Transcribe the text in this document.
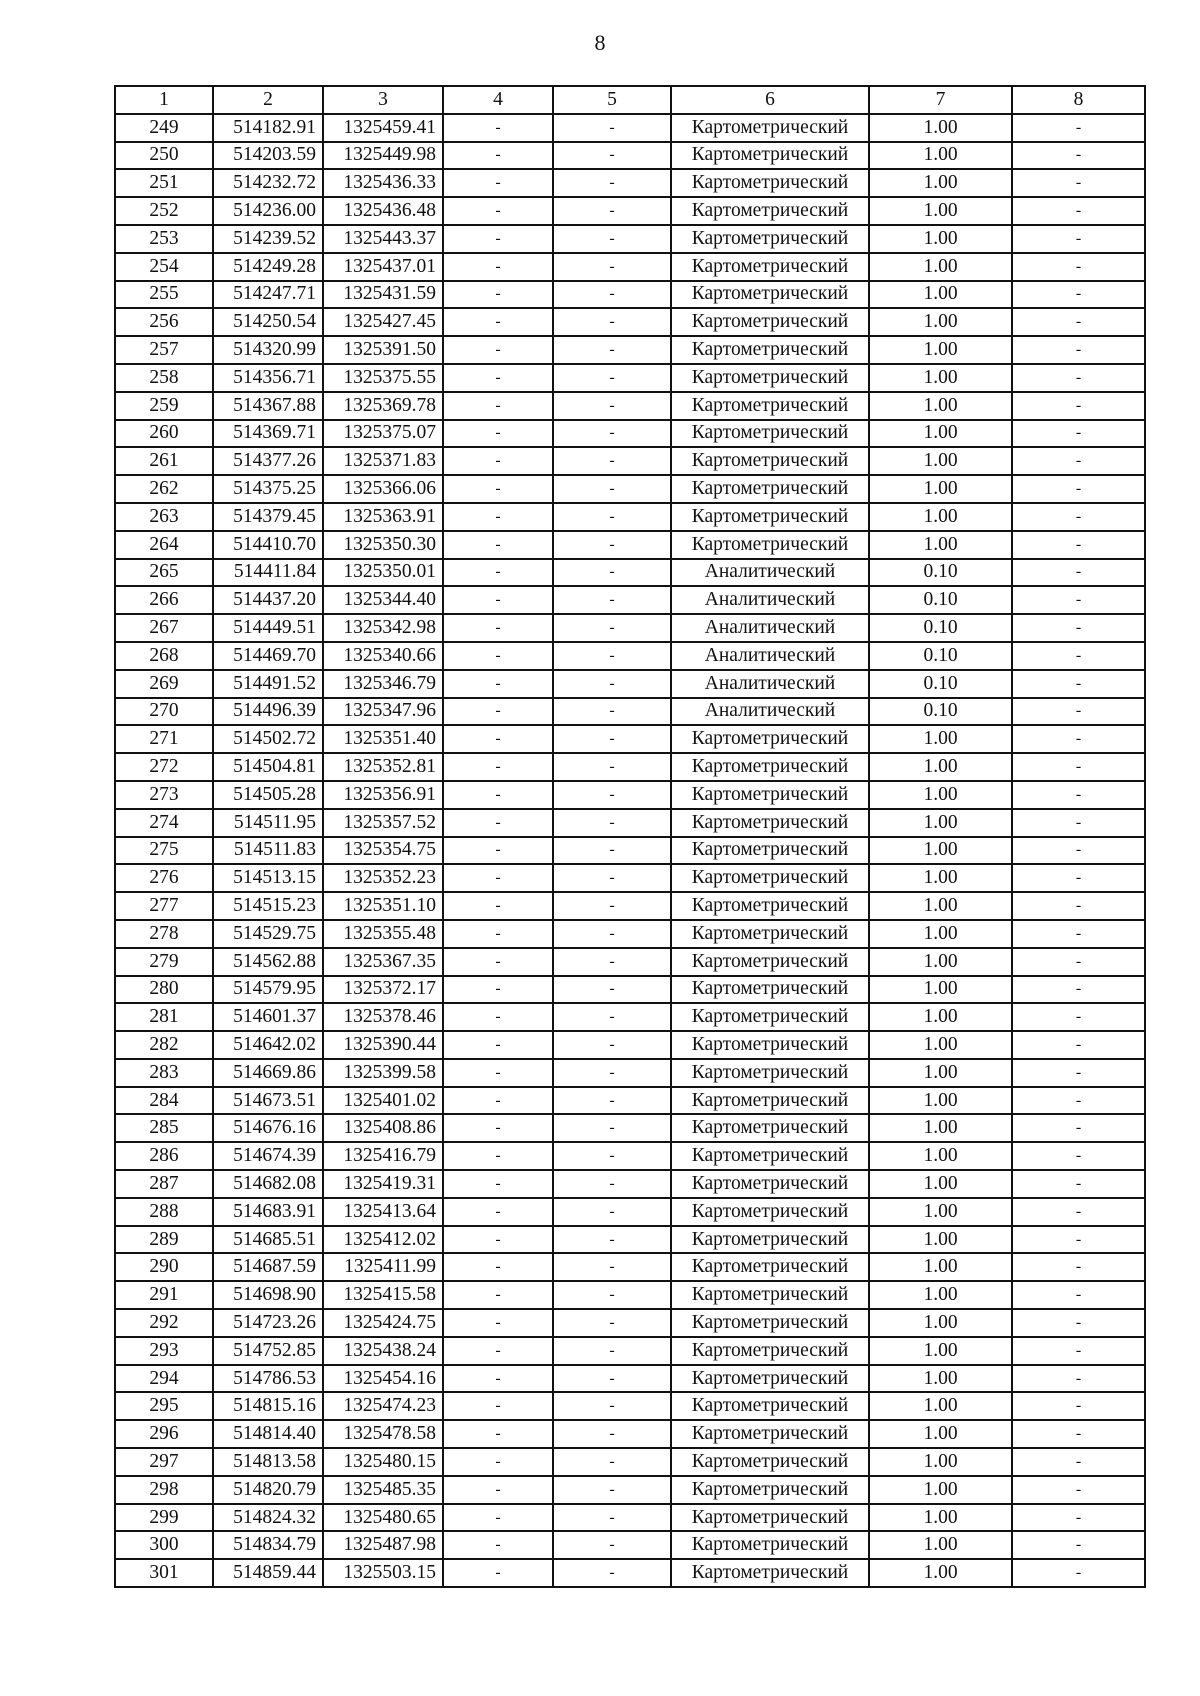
8
1	2	3	4	5	6	7	8
249	514182.91	1325459.41	-	-	Картометрический	1.00	-
250	514203.59	1325449.98	-	-	Картометрический	1.00	-
251	514232.72	1325436.33	-	-	Картометрический	1.00	-
252	514236.00	1325436.48	-	-	Картометрический	1.00	-
253	514239.52	1325443.37	-	-	Картометрический	1.00	-
254	514249.28	1325437.01	-	-	Картометрический	1.00	-
255	514247.71	1325431.59	-	-	Картометрический	1.00	-
256	514250.54	1325427.45	-	-	Картометрический	1.00	-
257	514320.99	1325391.50	-	-	Картометрический	1.00	-
258	514356.71	1325375.55	-	-	Картометрический	1.00	-
259	514367.88	1325369.78	-	-	Картометрический	1.00	-
260	514369.71	1325375.07	-	-	Картометрический	1.00	-
261	514377.26	1325371.83	-	-	Картометрический	1.00	-
262	514375.25	1325366.06	-	-	Картометрический	1.00	-
263	514379.45	1325363.91	-	-	Картометрический	1.00	-
264	514410.70	1325350.30	-	-	Картометрический	1.00	-
265	514411.84	1325350.01	-	-	Аналитический	0.10	-
266	514437.20	1325344.40	-	-	Аналитический	0.10	-
267	514449.51	1325342.98	-	-	Аналитический	0.10	-
268	514469.70	1325340.66	-	-	Аналитический	0.10	-
269	514491.52	1325346.79	-	-	Аналитический	0.10	-
270	514496.39	1325347.96	-	-	Аналитический	0.10	-
271	514502.72	1325351.40	-	-	Картометрический	1.00	-
272	514504.81	1325352.81	-	-	Картометрический	1.00	-
273	514505.28	1325356.91	-	-	Картометрический	1.00	-
274	514511.95	1325357.52	-	-	Картометрический	1.00	-
275	514511.83	1325354.75	-	-	Картометрический	1.00	-
276	514513.15	1325352.23	-	-	Картометрический	1.00	-
277	514515.23	1325351.10	-	-	Картометрический	1.00	-
278	514529.75	1325355.48	-	-	Картометрический	1.00	-
279	514562.88	1325367.35	-	-	Картометрический	1.00	-
280	514579.95	1325372.17	-	-	Картометрический	1.00	-
281	514601.37	1325378.46	-	-	Картометрический	1.00	-
282	514642.02	1325390.44	-	-	Картометрический	1.00	-
283	514669.86	1325399.58	-	-	Картометрический	1.00	-
284	514673.51	1325401.02	-	-	Картометрический	1.00	-
285	514676.16	1325408.86	-	-	Картометрический	1.00	-
286	514674.39	1325416.79	-	-	Картометрический	1.00	-
287	514682.08	1325419.31	-	-	Картометрический	1.00	-
288	514683.91	1325413.64	-	-	Картометрический	1.00	-
289	514685.51	1325412.02	-	-	Картометрический	1.00	-
290	514687.59	1325411.99	-	-	Картометрический	1.00	-
291	514698.90	1325415.58	-	-	Картометрический	1.00	-
292	514723.26	1325424.75	-	-	Картометрический	1.00	-
293	514752.85	1325438.24	-	-	Картометрический	1.00	-
294	514786.53	1325454.16	-	-	Картометрический	1.00	-
295	514815.16	1325474.23	-	-	Картометрический	1.00	-
296	514814.40	1325478.58	-	-	Картометрический	1.00	-
297	514813.58	1325480.15	-	-	Картометрический	1.00	-
298	514820.79	1325485.35	-	-	Картометрический	1.00	-
299	514824.32	1325480.65	-	-	Картометрический	1.00	-
300	514834.79	1325487.98	-	-	Картометрический	1.00	-
301	514859.44	1325503.15	-	-	Картометрический	1.00	-
